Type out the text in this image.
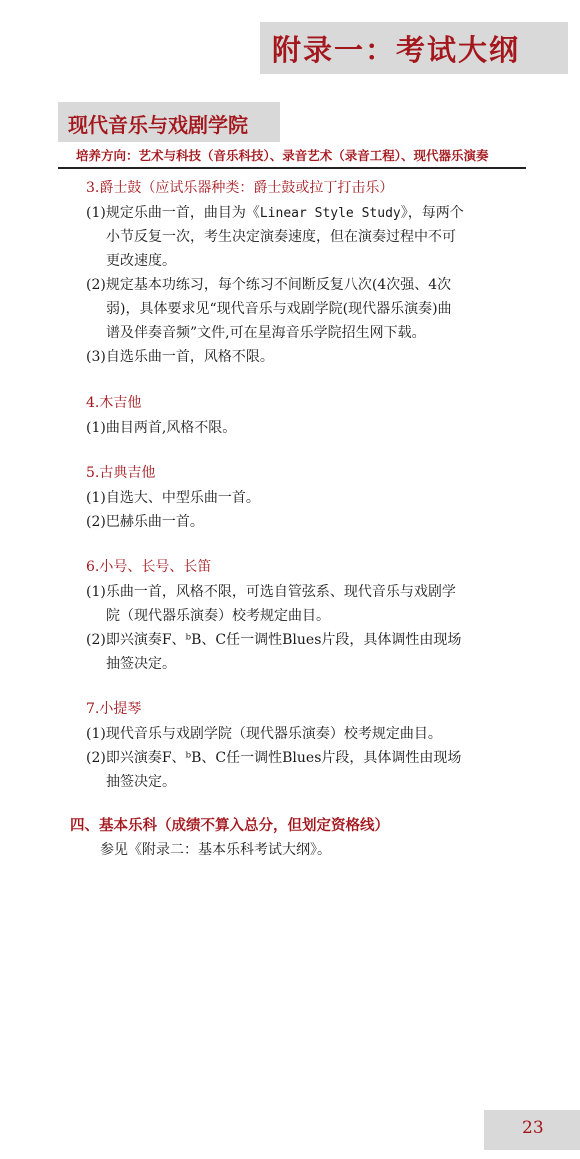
附录一：考试大纲
现代音乐与戏剧学院
培养方向：艺术与科技（音乐科技）、录音艺术（录音工程）、现代器乐演奏
3.爵士鼓（应试乐器种类：爵士鼓或拉丁打击乐）
(1)规定乐曲一首，曲目为《Linear Style Study》，每两个
小节反复一次，考生决定演奏速度，但在演奏过程中不可
更改速度。
(2)规定基本功练习，每个练习不间断反复八次(4次强、4次
弱)，具体要求见“现代音乐与戏剧学院(现代器乐演奏)曲
谱及伴奏音频”文件,可在星海音乐学院招生网下载。
(3)自选乐曲一首，风格不限。
4.木吉他
(1)曲目两首,风格不限。
5.古典吉他
(1)自选大、中型乐曲一首。
(2)巴赫乐曲一首。
6.小号、长号、长笛
(1)乐曲一首，风格不限，可选自管弦系、现代音乐与戏剧学
院（现代器乐演奏）校考规定曲目。
(2)即兴演奏F、ᵇB、C任一调性Blues片段，具体调性由现场
抽签决定。
7.小提琴
(1)现代音乐与戏剧学院（现代器乐演奏）校考规定曲目。
(2)即兴演奏F、ᵇB、C任一调性Blues片段，具体调性由现场
抽签决定。
四、基本乐科（成绩不算入总分，但划定资格线）
参见《附录二：基本乐科考试大纲》。
23
